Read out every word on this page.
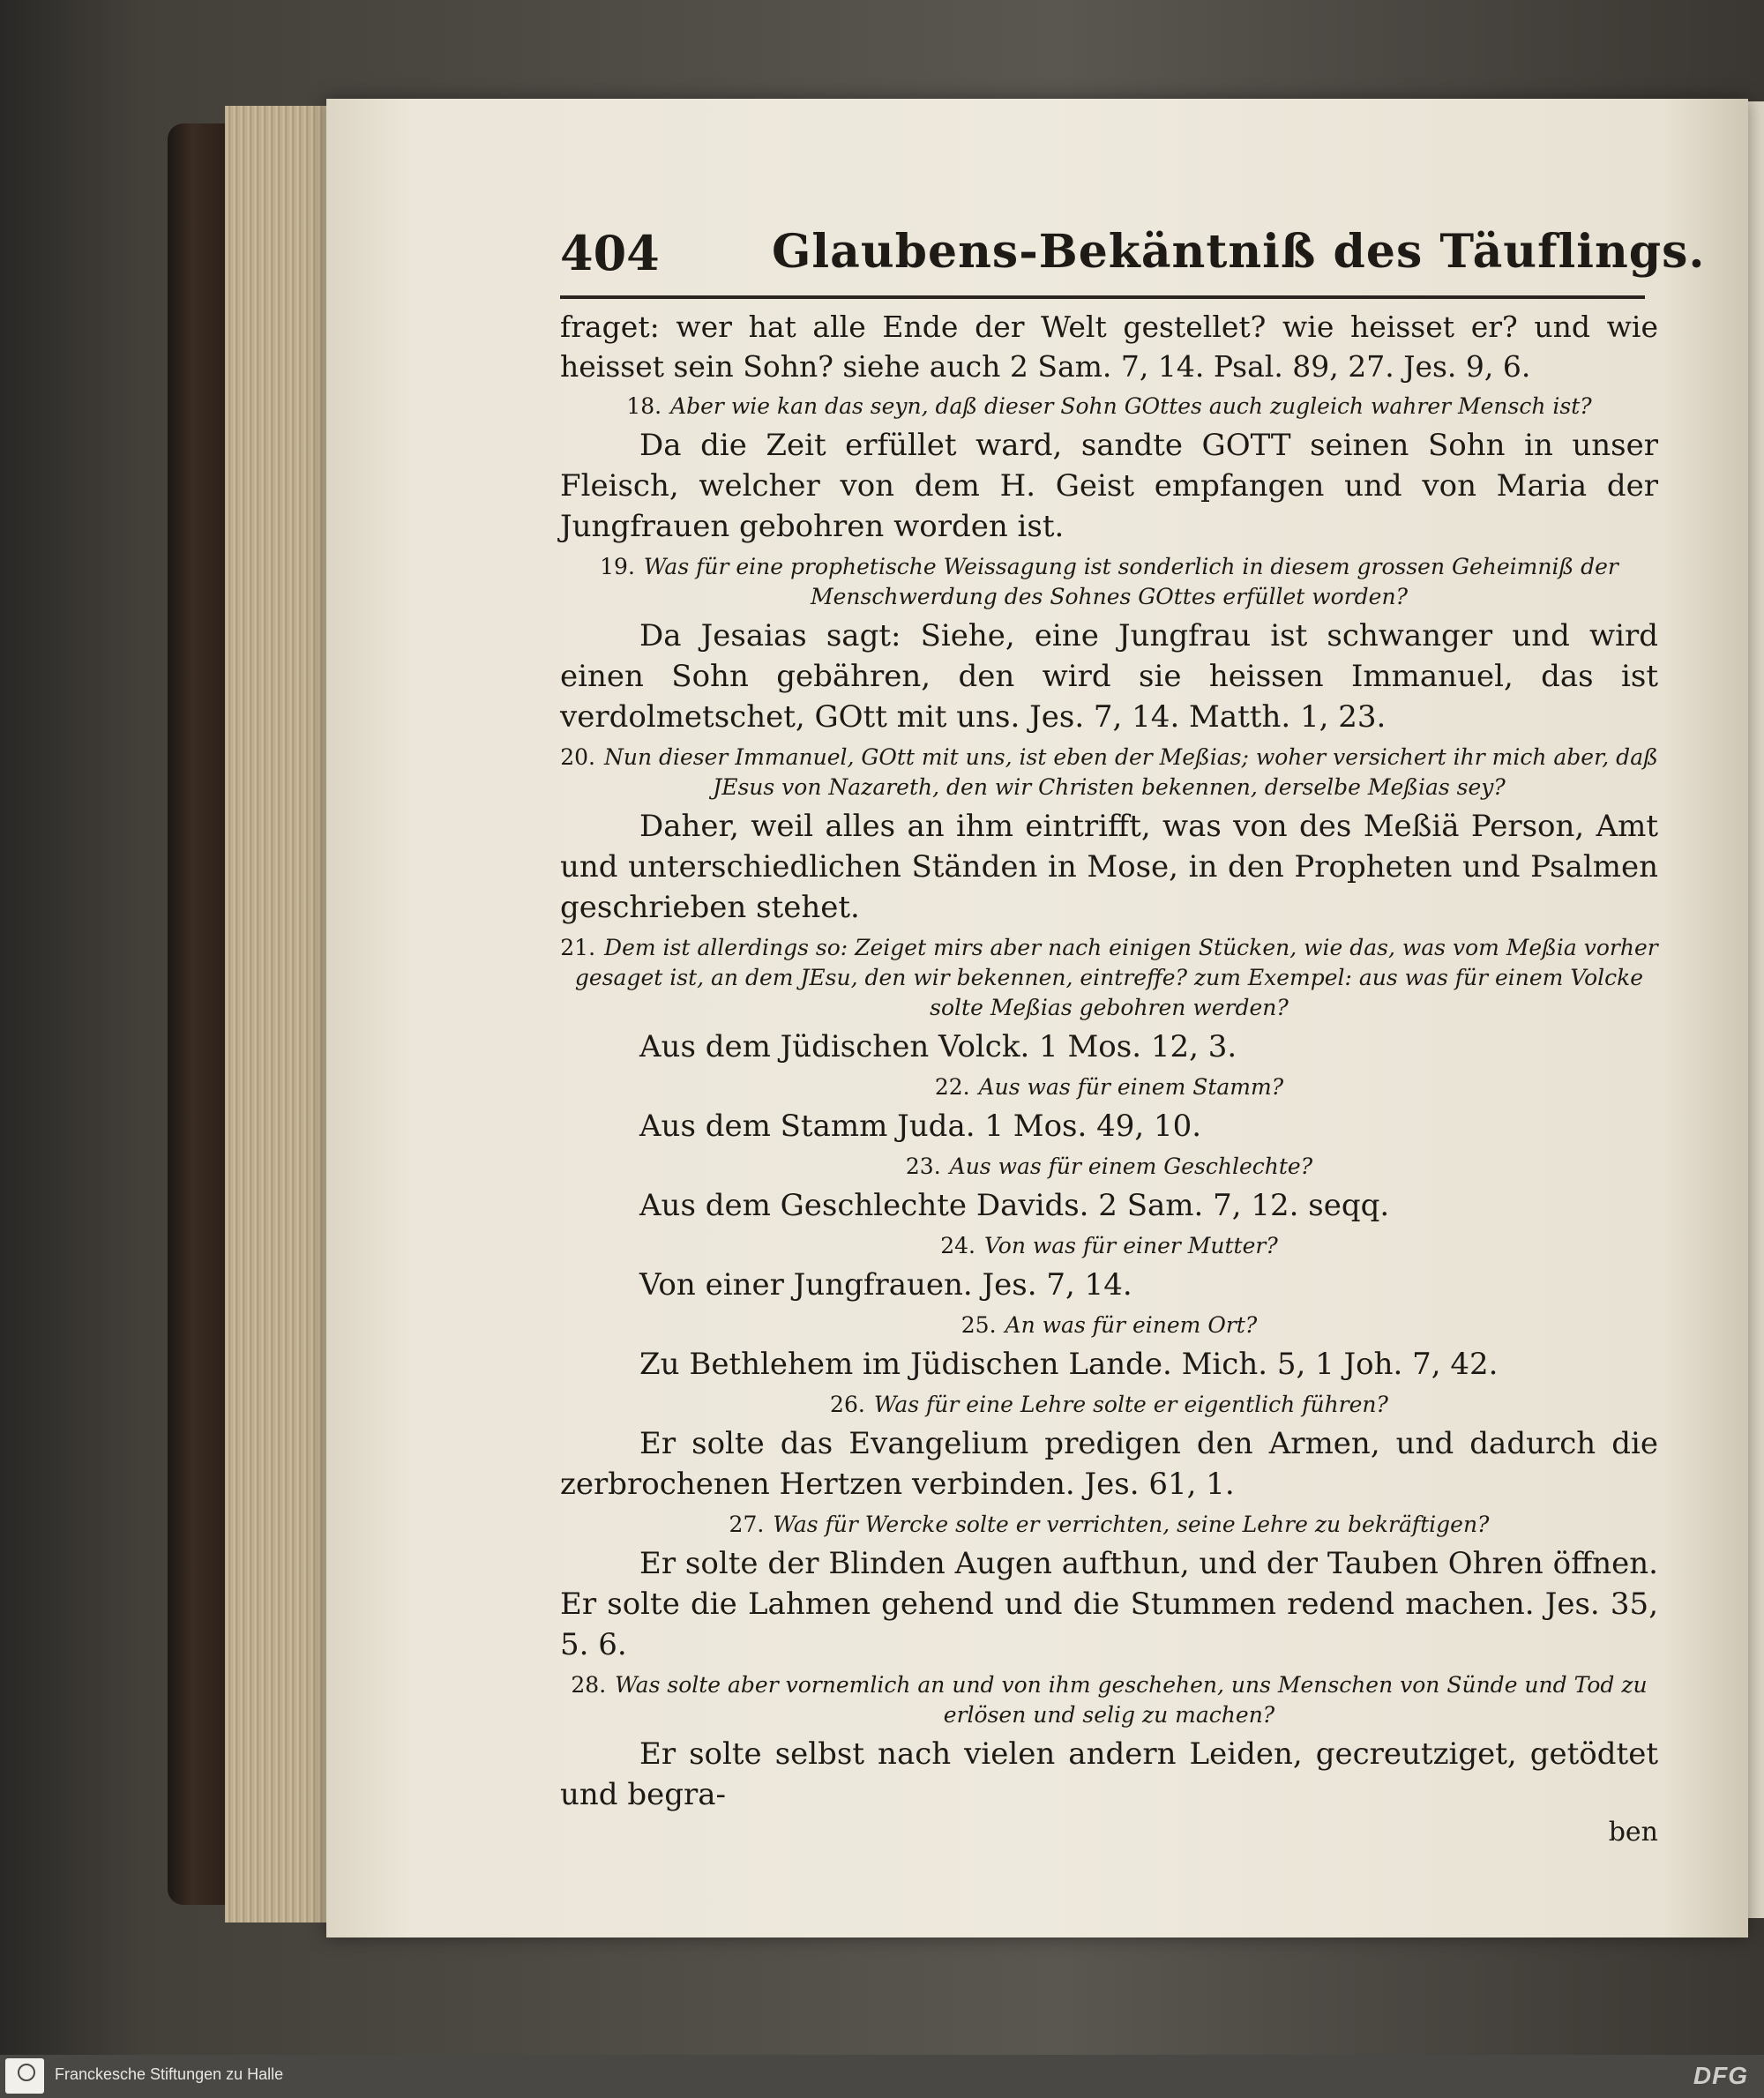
404 Glaubens-Bekäntniß des Täuflings.

fraget: wer hat alle Ende der Welt gestellet? wie heisset er? und wie heisset sein Sohn? siehe auch 2 Sam. 7, 14. Psal. 89, 27. Jes. 9, 6.

18. Aber wie kan das seyn, daß dieser Sohn GOttes auch zugleich wahrer Mensch ist?

Da die Zeit erfüllet ward, sandte GOTT seinen Sohn in unser Fleisch, welcher von dem H. Geist empfangen und von Maria der Jungfrauen gebohren worden ist.

19. Was für eine prophetische Weissagung ist sonderlich in diesem grossen Geheimniß der Menschwerdung des Sohnes GOttes erfüllet worden?

Da Jesaias sagt: Siehe, eine Jungfrau ist schwanger und wird einen Sohn gebähren, den wird sie heissen Immanuel, das ist verdolmetschet, GOtt mit uns. Jes. 7, 14. Matth. 1, 23.

20. Nun dieser Immanuel, GOtt mit uns, ist eben der Meßias; woher versichert ihr mich aber, daß JEsus von Nazareth, den wir Christen bekennen, derselbe Meßias sey?

Daher, weil alles an ihm eintrifft, was von des Meßiä Person, Amt und unterschiedlichen Ständen in Mose, in den Propheten und Psalmen geschrieben stehet.

21. Dem ist allerdings so: Zeiget mirs aber nach einigen Stücken, wie das, was vom Meßia vorher gesaget ist, an dem JEsu, den wir bekennen, eintreffe? zum Exempel: aus was für einem Volcke solte Meßias gebohren werden?

Aus dem Jüdischen Volck. 1 Mos. 12, 3.

22. Aus was für einem Stamm?

Aus dem Stamm Juda. 1 Mos. 49, 10.

23. Aus was für einem Geschlechte?

Aus dem Geschlechte Davids. 2 Sam. 7, 12. seqq.

24. Von was für einer Mutter?

Von einer Jungfrauen. Jes. 7, 14.

25. An was für einem Ort?

Zu Bethlehem im Jüdischen Lande. Mich. 5, 1 Joh. 7, 42.

26. Was für eine Lehre solte er eigentlich führen?

Er solte das Evangelium predigen den Armen, und dadurch die zerbrochenen Hertzen verbinden. Jes. 61, 1.

27. Was für Wercke solte er verrichten, seine Lehre zu bekräftigen?

Er solte der Blinden Augen aufthun, und der Tauben Ohren öffnen. Er solte die Lahmen gehend und die Stummen redend machen. Jes. 35, 5. 6.

28. Was solte aber vornemlich an und von ihm geschehen, uns Menschen von Sünde und Tod zu erlösen und selig zu machen?

Er solte selbst nach vielen andern Leiden, gecreutziget, getödtet und begra-

ben

Franckesche Stiftungen zu Halle	DFG
